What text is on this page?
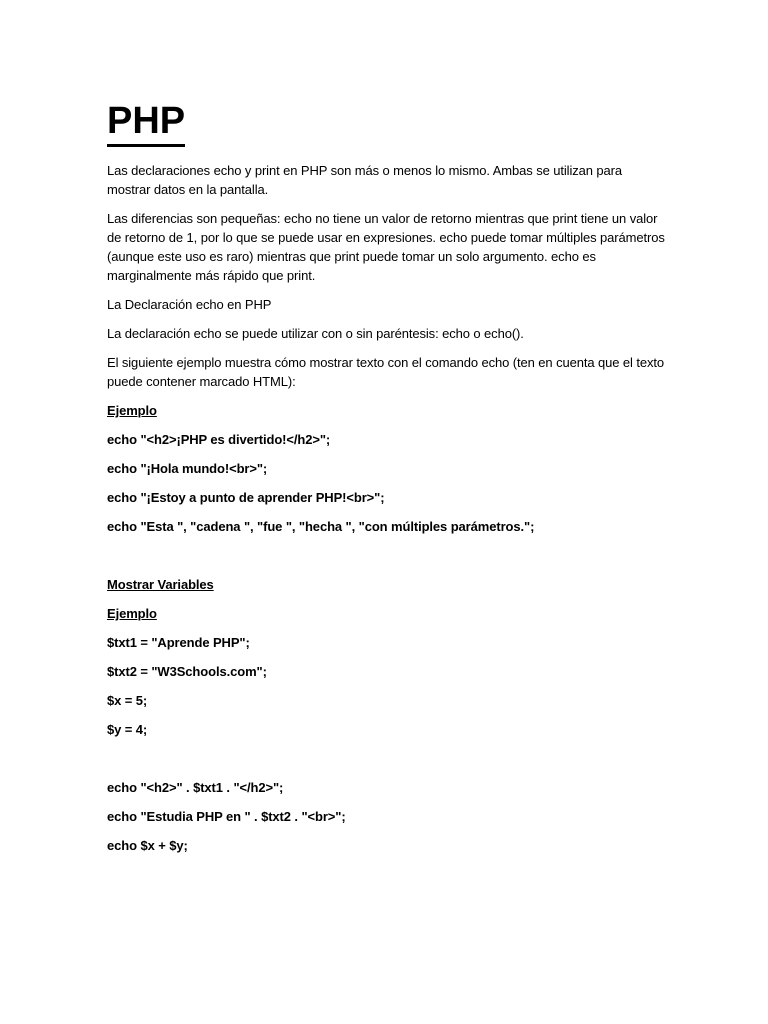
PHP

Las declaraciones echo y print en PHP son más o menos lo mismo. Ambas se utilizan para mostrar datos en la pantalla.

Las diferencias son pequeñas: echo no tiene un valor de retorno mientras que print tiene un valor de retorno de 1, por lo que se puede usar en expresiones. echo puede tomar múltiples parámetros (aunque este uso es raro) mientras que print puede tomar un solo argumento. echo es marginalmente más rápido que print.

La Declaración echo en PHP

La declaración echo se puede utilizar con o sin paréntesis: echo o echo().

El siguiente ejemplo muestra cómo mostrar texto con el comando echo (ten en cuenta que el texto puede contener marcado HTML):

Ejemplo

echo "<h2>¡PHP es divertido!</h2>";

echo "¡Hola mundo!<br>";

echo "¡Estoy a punto de aprender PHP!<br>";

echo "Esta ", "cadena ", "fue ", "hecha ", "con múltiples parámetros.";

Mostrar Variables

Ejemplo

$txt1 = "Aprende PHP";

$txt2 = "W3Schools.com";

$x = 5;

$y = 4;

echo "<h2>" . $txt1 . "</h2>";

echo "Estudia PHP en " . $txt2 . "<br>";

echo $x + $y;
